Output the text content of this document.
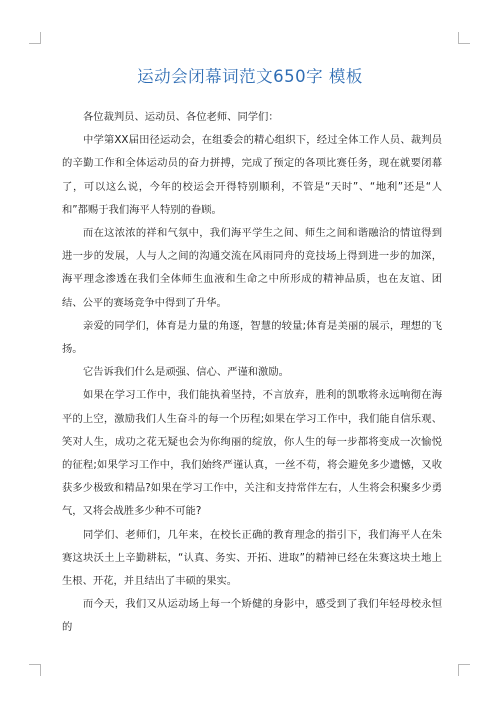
运动会闭幕词范文650字 模板

各位裁判员、运动员、各位老师、同学们：

中学第XX届田径运动会，在组委会的精心组织下，经过全体工作人员、裁判员的辛勤工作和全体运动员的奋力拼搏，完成了预定的各项比赛任务，现在就要闭幕了，可以这么说，今年的校运会开得特别顺利，不管是“天时”、“地利”还是“人和”都赐于我们海平人特别的眷顾。

而在这浓浓的祥和气氛中，我们海平学生之间、师生之间和谐融洽的情谊得到进一步的发展，人与人之间的沟通交流在风雨同舟的竞技场上得到进一步的加深，海平理念渗透在我们全体师生血液和生命之中所形成的精神品质，也在友谊、团结、公平的赛场竞争中得到了升华。

亲爱的同学们，体育是力量的角逐，智慧的较量;体育是美丽的展示，理想的飞扬。

它告诉我们什么是顽强、信心、严谨和激励。

如果在学习工作中，我们能执着坚持，不言放弃，胜利的凯歌将永远响彻在海平的上空，激励我们人生奋斗的每一个历程;如果在学习工作中，我们能自信乐观、笑对人生，成功之花无疑也会为你绚丽的绽放，你人生的每一步都将变成一次愉悦的征程;如果学习工作中，我们始终严谨认真，一丝不苟，将会避免多少遗憾，又收获多少极致和精品?如果在学习工作中，关注和支持常伴左右，人生将会积聚多少勇气，又将会战胜多少种不可能?

同学们、老师们，几年来，在校长正确的教育理念的指引下，我们海平人在朱赛这块沃土上辛勤耕耘，“认真、务实、开拓、进取”的精神已经在朱赛这块土地上生根、开花，并且结出了丰硕的果实。

而今天，我们又从运动场上每一个矫健的身影中，感受到了我们年轻母校永恒的
